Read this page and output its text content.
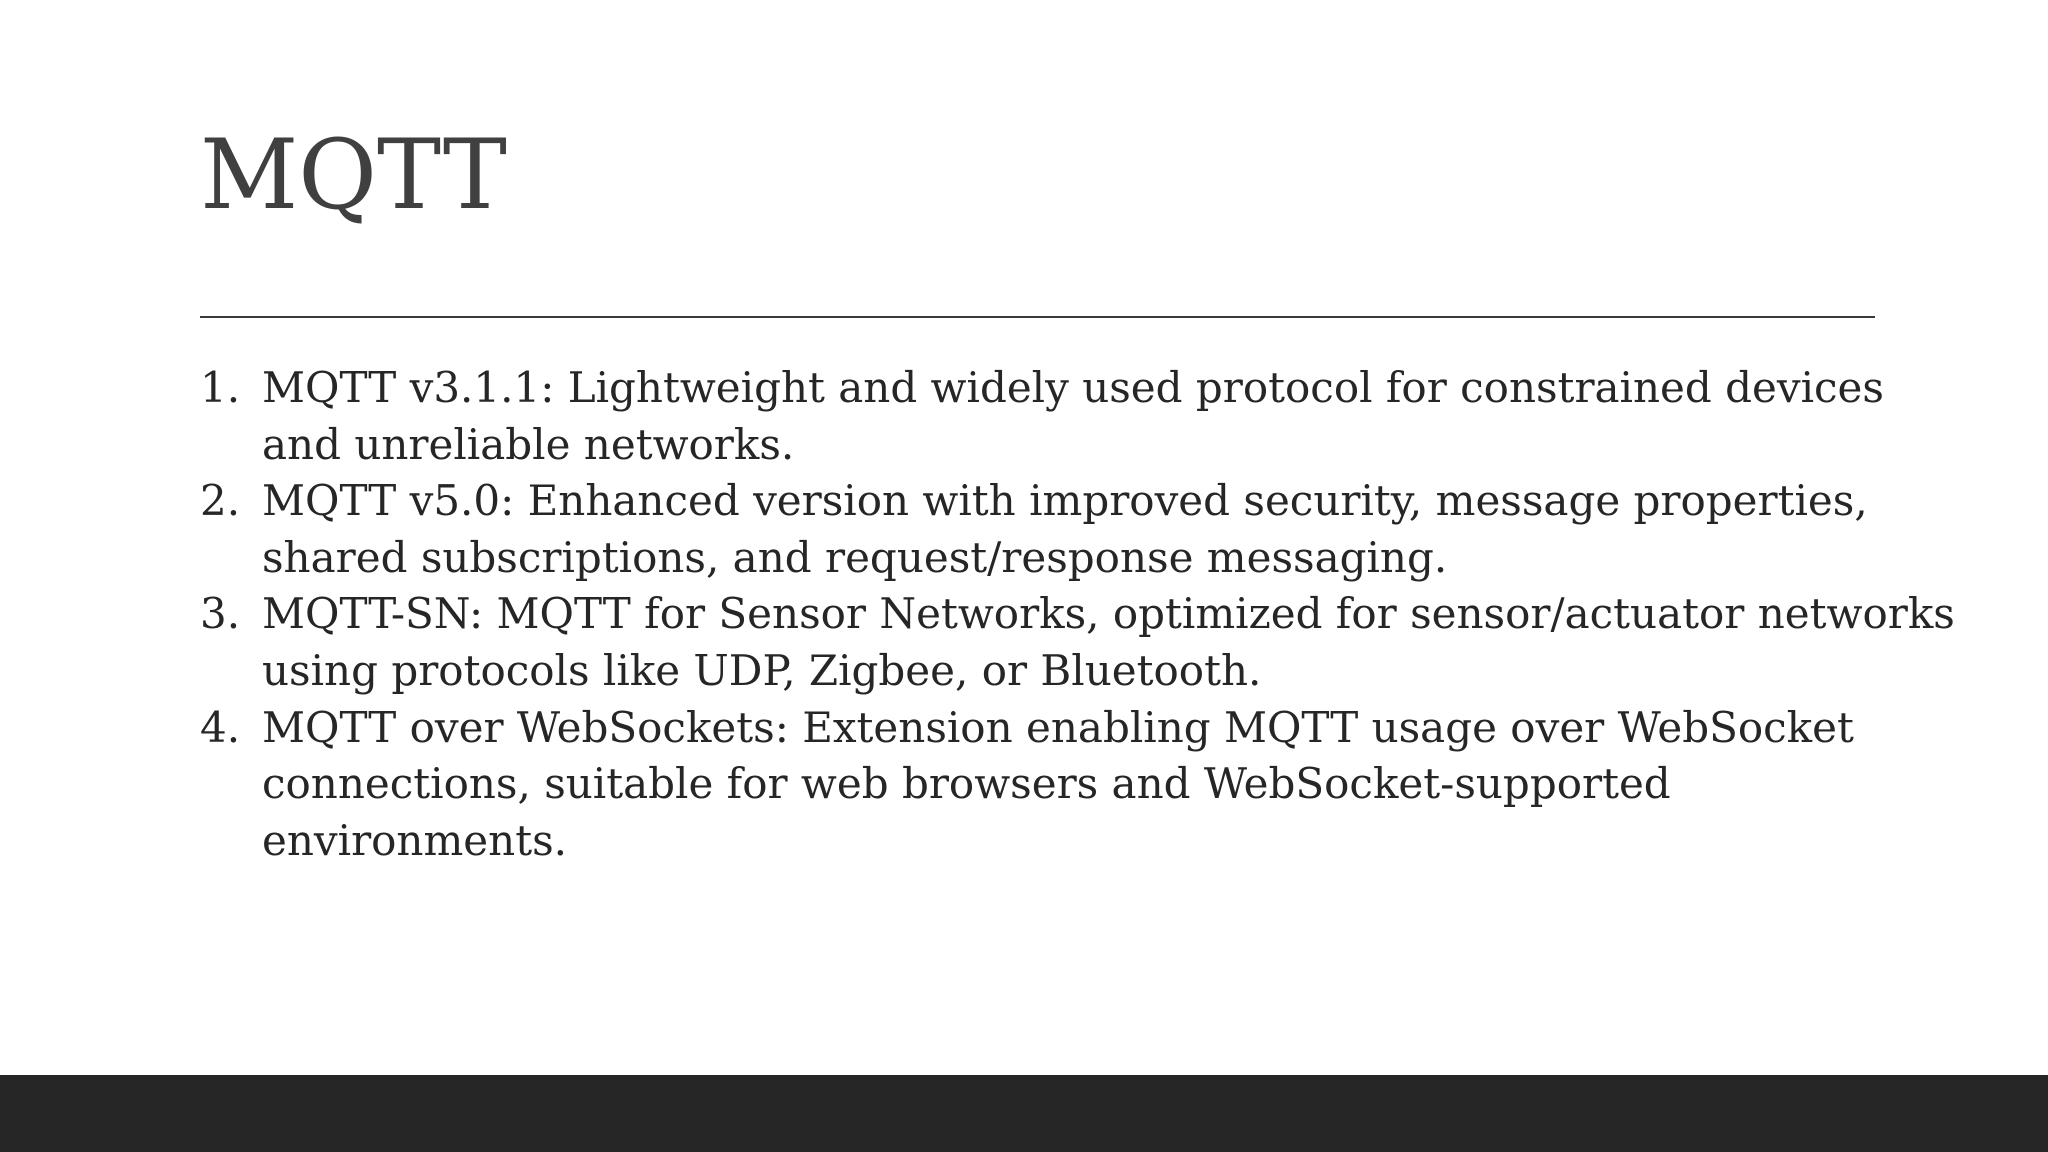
MQTT
1. MQTT v3.1.1: Lightweight and widely used protocol for constrained devices and unreliable networks.
2. MQTT v5.0: Enhanced version with improved security, message properties, shared subscriptions, and request/response messaging.
3. MQTT-SN: MQTT for Sensor Networks, optimized for sensor/actuator networks using protocols like UDP, Zigbee, or Bluetooth.
4. MQTT over WebSockets: Extension enabling MQTT usage over WebSocket connections, suitable for web browsers and WebSocket-supported environments.
